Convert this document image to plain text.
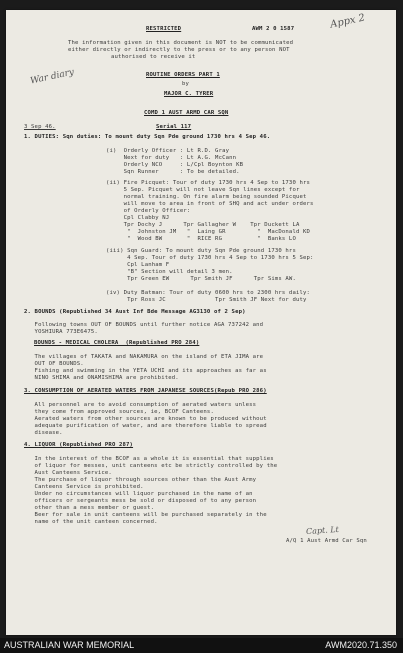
RESTRICTED	AWM 2 0 1587	Appx 2
The information given in this document is NOT to be communicated
either directly or indirectly to the press or to any person NOT
authorised to receive it
War diary	ROUTINE ORDERS PART 1
by
MAJOR C. TYRER
COMD 1 AUST ARMD CAR SQN
3 Sep 46.	Serial 117
1. DUTIES: Sqn duties: To mount duty Sqn Pde ground 1730 hrs 4 Sep 46.
(i)  Orderly Officer : Lt R.D. Gray
Next for duty   : Lt A.G. McCann
Orderly NCO     : L/Cpl Boynton KB
Sqn Runner      : To be detailed.
(ii) Fire Picquet: Tour of duty 1730 hrs 4 Sep to 1730 hrs
5 Sep. Picquet will not leave Sqn lines except for
normal training. On fire alarm being sounded Picquet
will move to area in front of SHQ and act under orders
of Orderly Officer:
Cpl Clabby NJ
Tpr Dochy J      Tpr Gallagher W    Tpr Duckett LA
"  Johnston JM   "  Laing GR         "  MacDonald KD
"  Wood BW       "  RICE RG          "  Banks LO
(iii) Sqn Guard: To mount duty Sqn Pde ground 1730 hrs
4 Sep. Tour of duty 1730 hrs 4 Sep to 1730 hrs 5 Sep:
Cpl Lanham F
"B" Section will detail 3 men.
Tpr Green EW      Tpr Smith JF      Tpr Sims AW.
(iv) Duty Batman: Tour of duty 0600 hrs to 2300 hrs daily:
Tpr Ross JC              Tpr Smith JF Next for duty
2. BOUNDS (Republished 34 Aust Inf Bde Message AG3130 of 2 Sep)
Following towns OUT OF BOUNDS until further notice AGA 737242 and
YOSHIURA 773E6475.
BOUNDS - MEDICAL CHOLERA  (Republished PRO 284)
The villages of TAKATA and NAKAMURA on the island of ETA JIMA are
OUT OF BOUNDS.
Fishing and swimming in the YETA UCHI and its approaches as far as
NINO SHIMA and ONAMISHIMA are prohibited.
3. CONSUMPTION OF AERATED WATERS FROM JAPANESE SOURCES(Repub PRO 286)
All personnel are to avoid consumption of aerated waters unless
they come from approved sources, ie, BCOF Canteens.
Aerated waters from other sources are known to be produced without
adequate purification of water, and are therefore liable to spread
disease.
4. LIQUOR (Republished PRO 287)
In the interest of the BCOF as a whole it is essential that supplies
of liquor for messes, unit canteens etc be strictly controlled by the
Aust Canteens Service.
The purchase of liquor through sources other than the Aust Army
Canteens Service is prohibited.
Under no circumstances will liquor purchased in the name of an
officers or sergeants mess be sold or disposed of to any person
other than a mess member or guest.
Beer for sale in unit canteens will be purchased separately in the
name of the unit canteen concerned.
Capt. Lt
A/Q 1 Aust Armd Car Sqn
AUSTRALIAN WAR MEMORIAL	AWM2020.71.350
